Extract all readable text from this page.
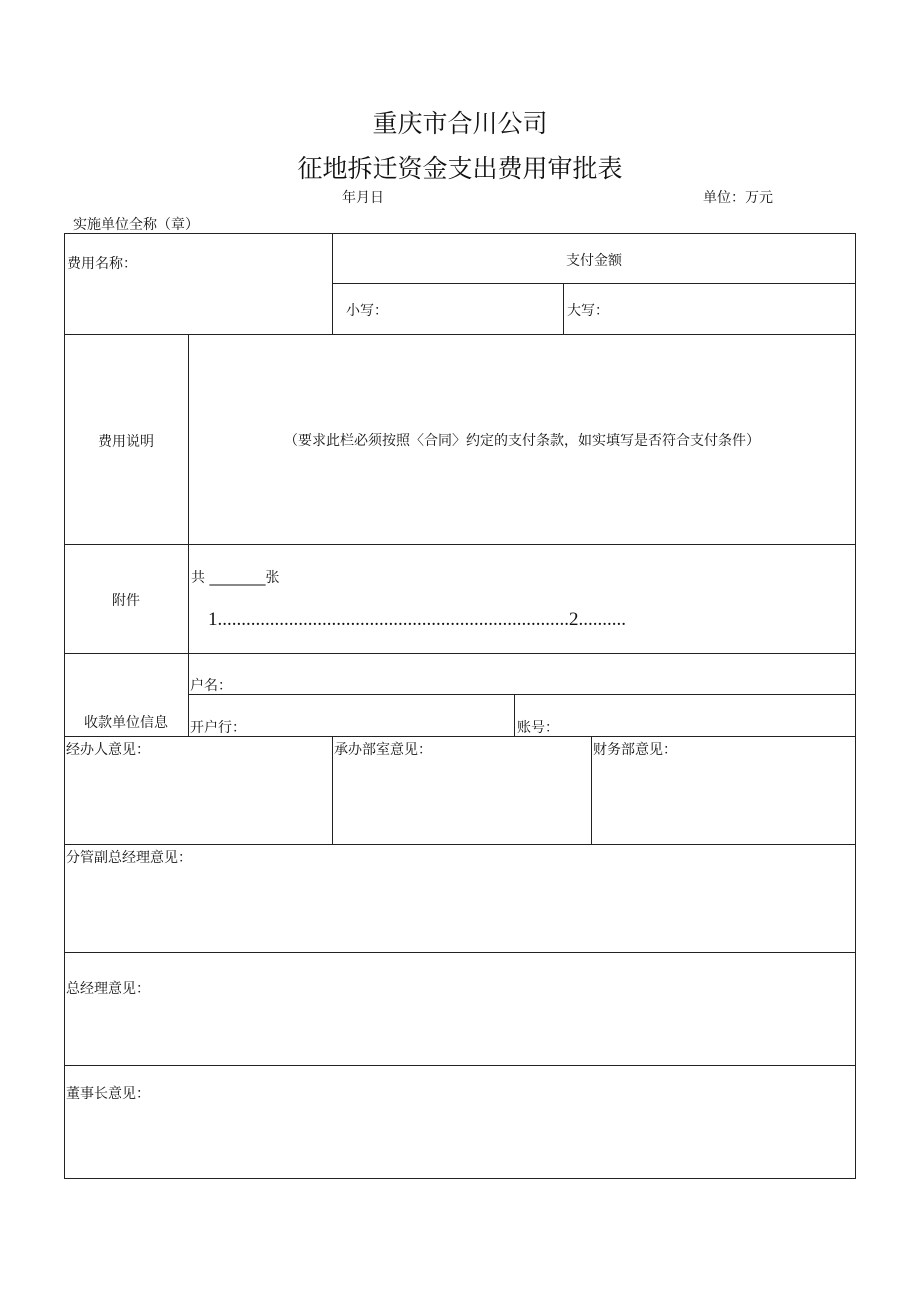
重庆市合川公司
征地拆迁资金支出费用审批表
年月日	单位：万元
实施单位全称（章）
费用名称：	支付金额
小写：	大写：
费用说明	（要求此栏必须按照〈合同〉约定的支付条款，如实填写是否符合支付条件）
附件
共 ________张
1..........................................................................2..........
收款单位信息
户名：
开户行：	账号：
经办人意见：	承办部室意见：	财务部意见：
分管副总经理意见：
总经理意见：
董事长意见：
